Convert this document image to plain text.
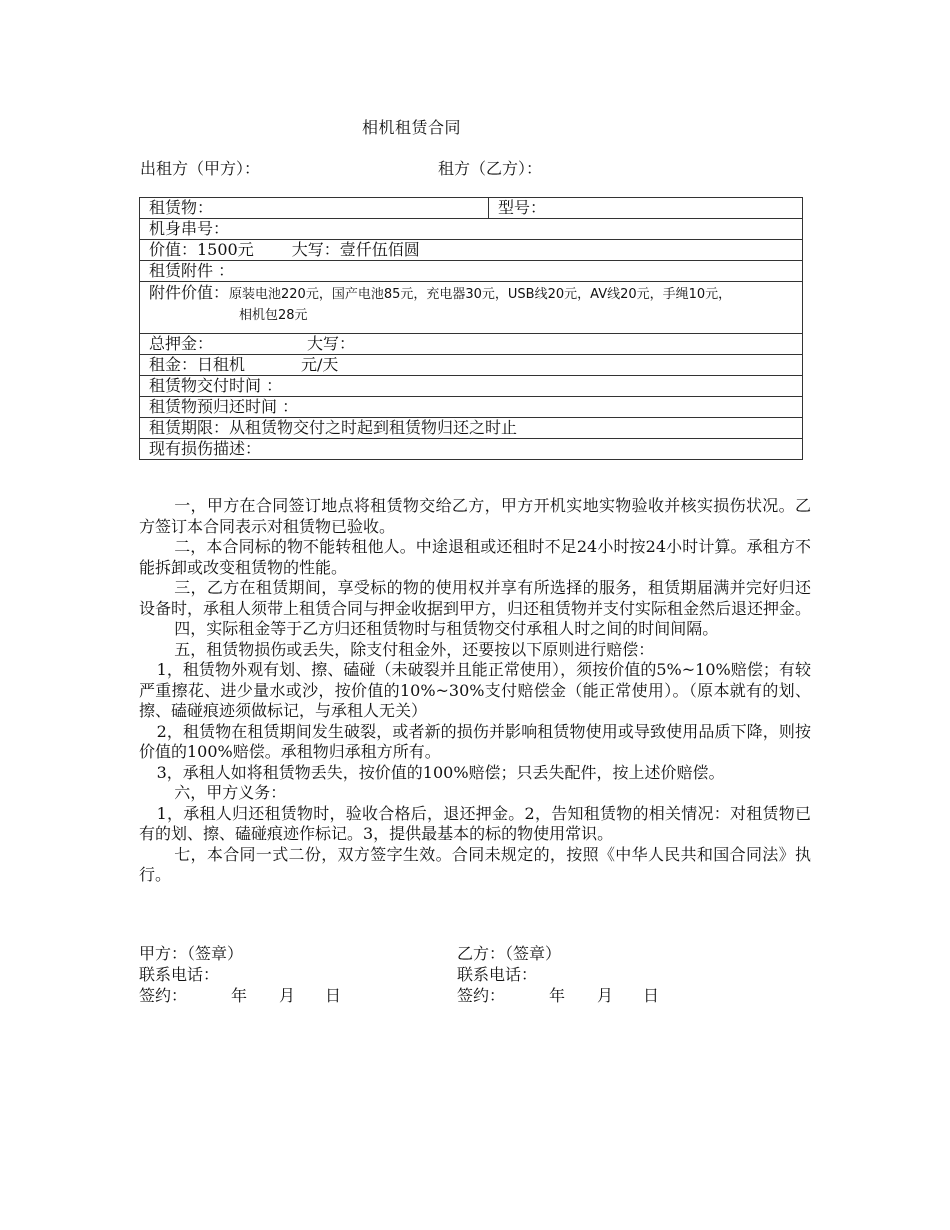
相机租赁合同
出租方（甲方）：	租方（乙方）：
租赁物：	型号：
机身串号：
价值：1500元 大写：壹仟伍佰圆
租赁附件 ：
附件价值：原装电池220元，国产电池85元，充电器30元，USB线20元，AV线20元，手绳10元，
相机包28元

总押金：	大写：
租金：日租机	元/天
租赁物交付时间 ：
租赁物预归还时间 ：
租赁期限：从租赁物交付之时起到租赁物归还之时止
现有损伤描述：

一，甲方在合同签订地点将租赁物交给乙方，甲方开机实地实物验收并核实损伤状况。乙方签订本合同表示对租赁物已验收。

二，本合同标的物不能转租他人。中途退租或还租时不足24小时按24小时计算。承租方不能拆卸或改变租赁物的性能。

三，乙方在租赁期间，享受标的物的使用权并享有所选择的服务，租赁期届满并完好归还设备时，承租人须带上租赁合同与押金收据到甲方，归还租赁物并支付实际租金然后退还押金。

四，实际租金等于乙方归还租赁物时与租赁物交付承租人时之间的时间间隔。

五，租赁物损伤或丢失，除支付租金外，还要按以下原则进行赔偿：

1，租赁物外观有划、擦、磕碰（未破裂并且能正常使用），须按价值的5%~10%赔偿；有较严重擦花、进少量水或沙，按价值的10%~30%支付赔偿金（能正常使用）。（原本就有的划、擦、磕碰痕迹须做标记，与承租人无关）

2，租赁物在租赁期间发生破裂，或者新的损伤并影响租赁物使用或导致使用品质下降，则按价值的100%赔偿。承租物归承租方所有。

3，承租人如将租赁物丢失，按价值的100%赔偿；只丢失配件，按上述价赔偿。

六，甲方义务：

1，承租人归还租赁物时，验收合格后，退还押金。2，告知租赁物的相关情况：对租赁物已有的划、擦、磕碰痕迹作标记。3，提供最基本的标的物使用常识。

七，本合同一式二份，双方签字生效。合同未规定的，按照《中华人民共和国合同法》执行。

甲方：（签章）
联系电话：
签约：	年 月 日
乙方：（签章）
联系电话：
签约：	年 月 日
